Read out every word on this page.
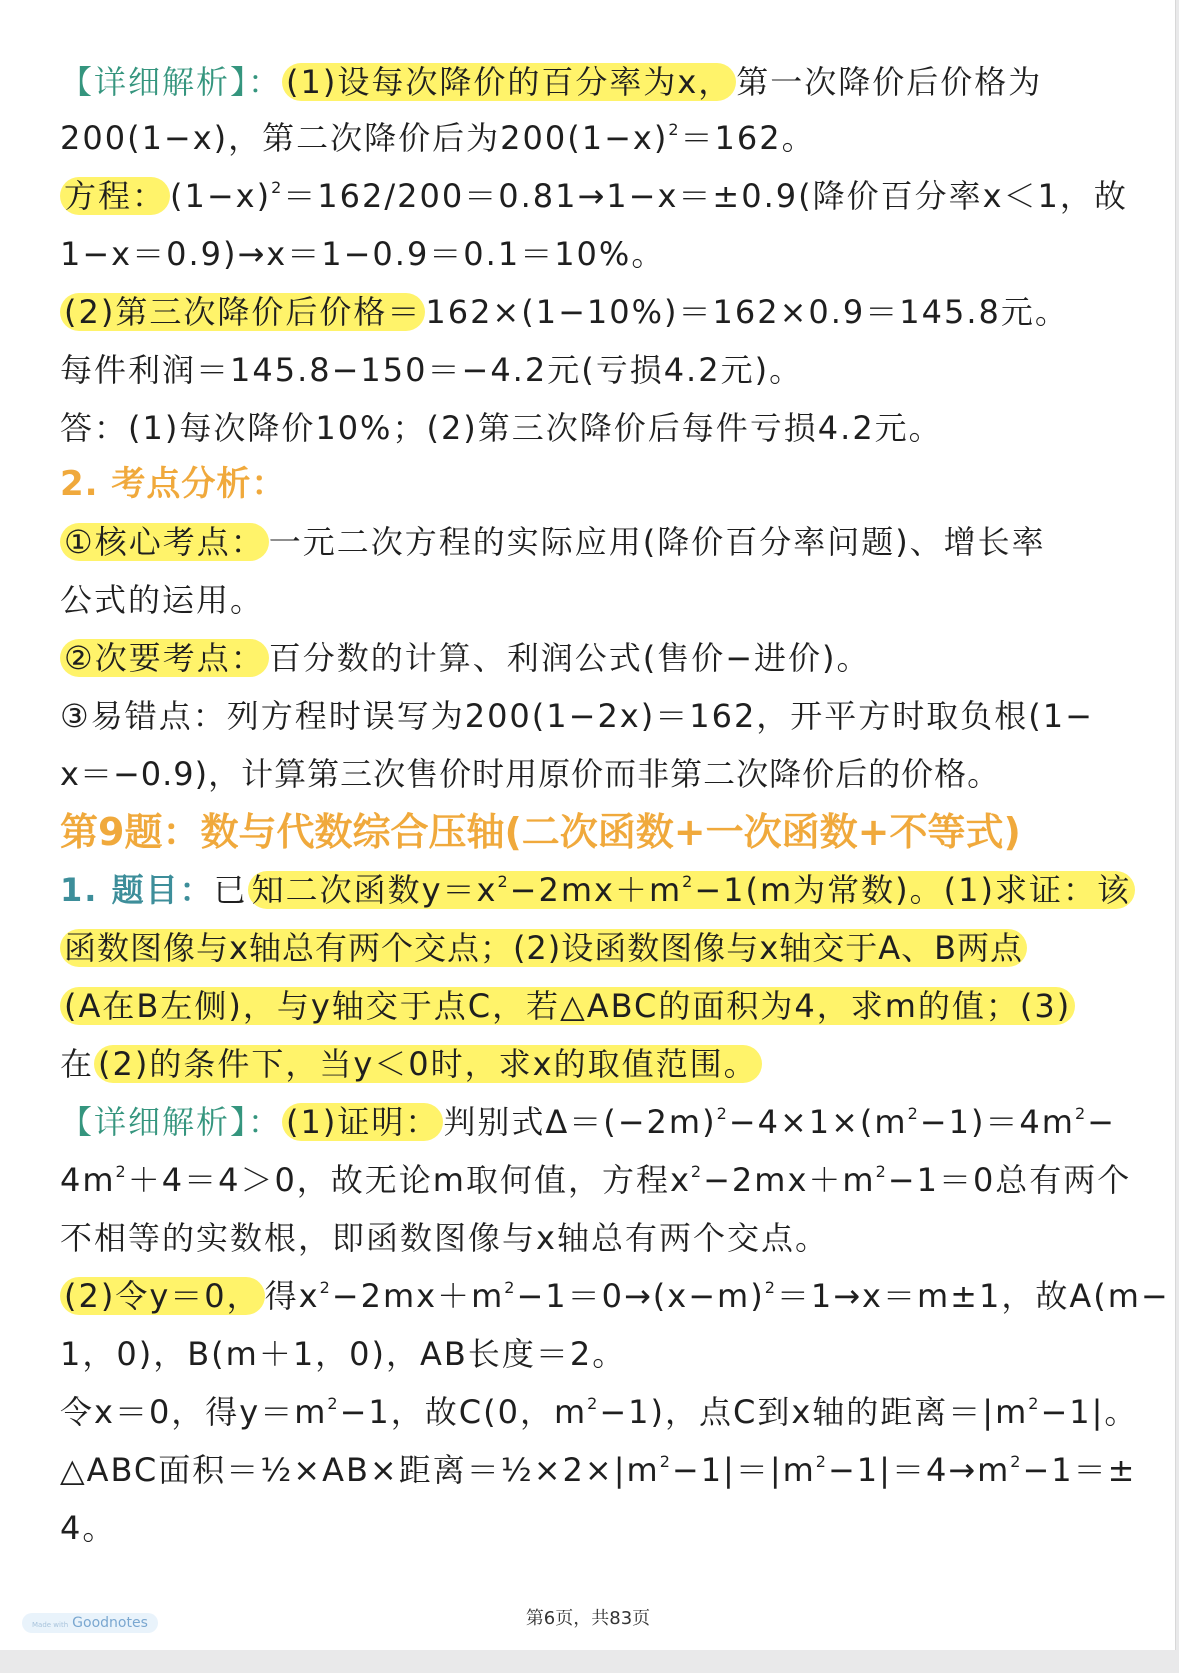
【详细解析】： (1)设每次降价的百分率为x， 第一次降价后价格为
200(1−x)，第二次降价后为$200(1-x)^2=162$。
方程： $(1-x)^2=162/200=0.81\to 1-x=\pm 0.9$(降价百分率x＜1，故
1−x＝0.9)→x＝1−0.9＝0.1＝10%。
(2)第三次降价后价格＝ 162×(1−10%)＝162×0.9＝145.8元。
每件利润＝145.8−150＝−4.2元(亏损4.2元)。
答：(1)每次降价10%；(2)第三次降价后每件亏损4.2元。
2. 考点分析：
①核心考点： 一元二次方程的实际应用(降价百分率问题)、增长率
公式的运用。
②次要考点： 百分数的计算、利润公式(售价−进价)。
③易错点：列方程时误写为200(1−2x)＝162，开平方时取负根(1−
x＝−0.9)，计算第三次售价时用原价而非第二次降价后的价格。
第9题：数与代数综合压轴(二次函数+一次函数+不等式)
1. 题目：已 知二次函数$y=x^2-2mx+m^2-1(m$为常数)。(1)求证：该
函数图像与x轴总有两个交点；(2)设函数图像与x轴交于A、B两点
(A在B左侧)，与y轴交于点C，若△ABC的面积为4，求m的值；(3)
在 (2)的条件下，当y＜0时，求x的取值范围。
【详细解析】： (1)证明： 判别式$\Delta=(-2m)^2-4\times 1\times(m^2-1)=4m^2-$
$4m^2+4=4>0$，故无论m取何值，方程$x^2-2mx+m^2-1=0$总有两个
不相等的实数根，即函数图像与x轴总有两个交点。
(2)令y＝0， 得$x^2-2mx+m^2-1=0\to(x-m)^2=1\to x=m\pm 1$，故A(m−
1，0)，B(m＋1，0)，AB长度＝2。
令x＝0，得$y=m^2-1$，故C(0，$m^2-1$)，点C到x轴的距离$=|m^2-1|$。
△ABC面积＝½×AB×距离$=\frac{1}{2}\times 2\times|m^2-1|=|m^2-1|=4\to m^2-1=\pm$
4。
Made with Goodnotes	第6页，共83页
